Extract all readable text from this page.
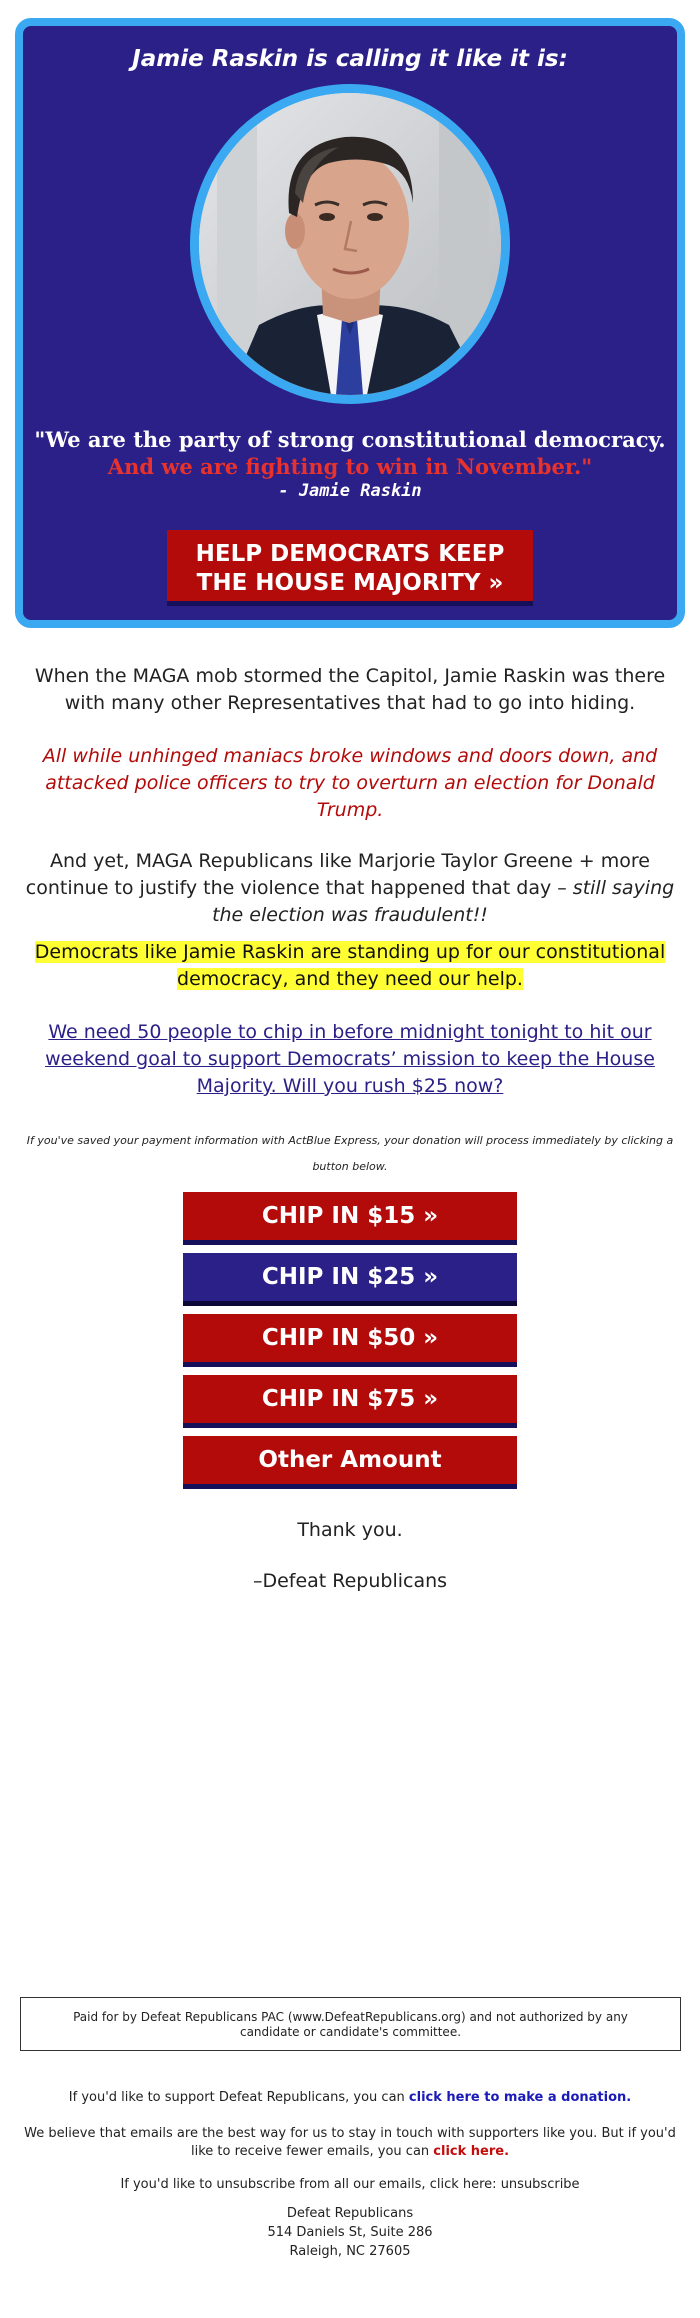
Jamie Raskin is calling it like it is:
"We are the party of strong constitutional democracy.
And we are fighting to win in November."
- Jamie Raskin
HELP DEMOCRATS KEEP
THE HOUSE MAJORITY »
When the MAGA mob stormed the Capitol, Jamie Raskin was there with many other Representatives that had to go into hiding.
All while unhinged maniacs broke windows and doors down, and attacked police officers to try to overturn an election for Donald Trump.
And yet, MAGA Republicans like Marjorie Taylor Greene + more continue to justify the violence that happened that day – still saying the election was fraudulent!!
Democrats like Jamie Raskin are standing up for our constitutional democracy, and they need our help.
We need 50 people to chip in before midnight tonight to hit our weekend goal to support Democrats’ mission to keep the House Majority. Will you rush $25 now?
If you've saved your payment information with ActBlue Express, your donation will process immediately by clicking a button below.
CHIP IN $15 »
CHIP IN $25 »
CHIP IN $50 »
CHIP IN $75 »
Other Amount
Thank you.
–Defeat Republicans
Paid for by Defeat Republicans PAC (www.DefeatRepublicans.org) and not authorized by any candidate or candidate's committee.
If you'd like to support Defeat Republicans, you can click here to make a donation.
We believe that emails are the best way for us to stay in touch with supporters like you. But if you'd like to receive fewer emails, you can click here.
If you'd like to unsubscribe from all our emails, click here: unsubscribe
Defeat Republicans
514 Daniels St, Suite 286
Raleigh, NC 27605
